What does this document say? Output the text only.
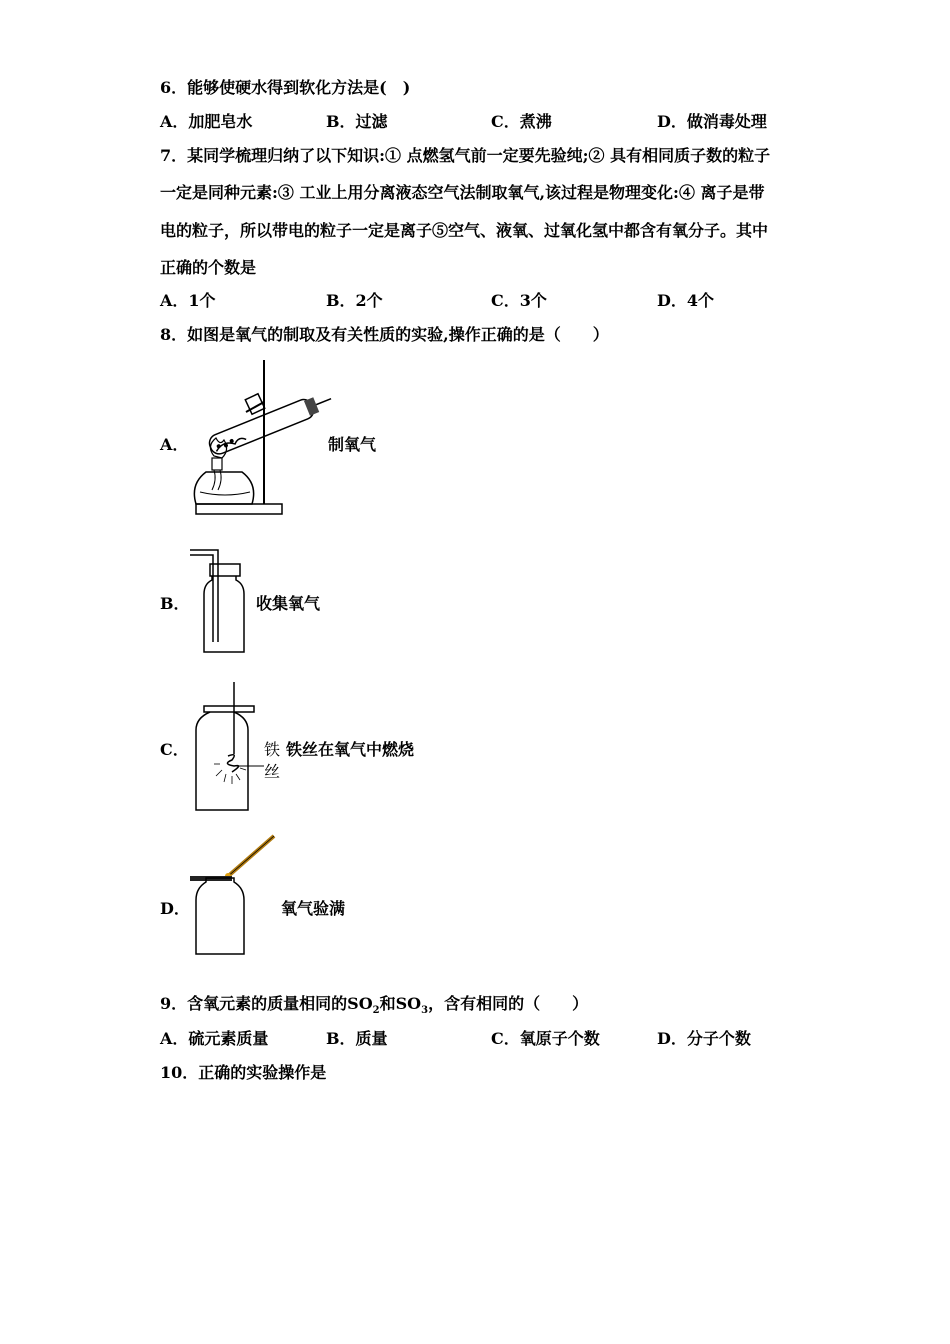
6．能够使硬水得到软化方法是(　)
A．加肥皂水	B．过滤	C．煮沸	D．做消毒处理
7．某同学梳理归纳了以下知识:① 点燃氢气前一定要先验纯;② 具有相同质子数的粒子
一定是同种元素:③ 工业上用分离液态空气法制取氧气,该过程是物理变化:④ 离子是带
电的粒子，所以带电的粒子一定是离子⑤空气、液氧、过氧化氢中都含有氧分子。其中
正确的个数是
A．1个	B．2个	C．3个	D．4个
8．如图是氧气的制取及有关性质的实验,操作正确的是（　　）
A．	制氧气
B．	收集氧气
C．	铁
丝
铁丝在氧气中燃烧
D．	氧气验满
9．含氧元素的质量相同的$SO_2$和$SO_3$，含有相同的（　　）
A．硫元素质量	B．质量	C．氧原子个数	D．分子个数
10．正确的实验操作是
